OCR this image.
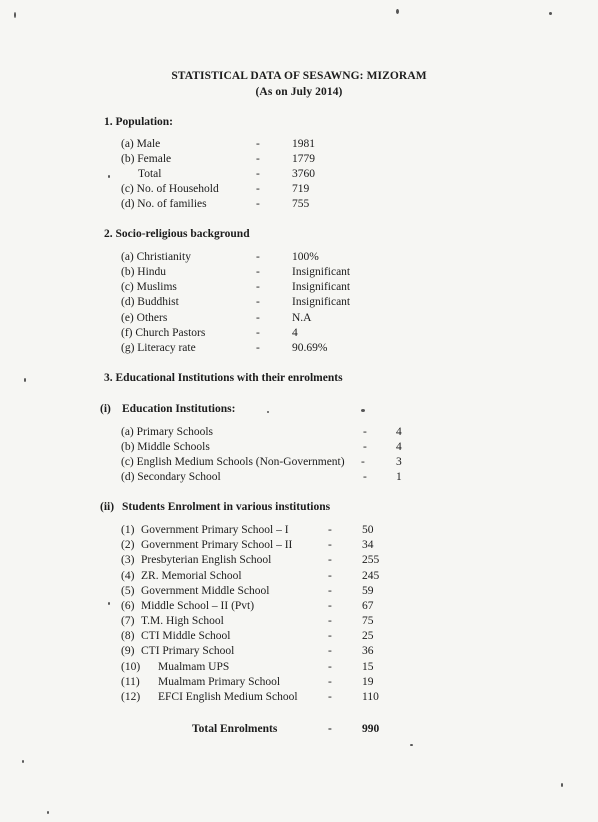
STATISTICAL DATA OF SESAWNG: MIZORAM
(As on July 2014)
1. Population:
(a) Male	-	1981
(b) Female	-	1779
Total	-	3760
(c) No. of Household	-	719
(d) No. of families	-	755
2. Socio-religious background
(a) Christianity	-	100%
(b) Hindu	-	Insignificant
(c) Muslims	-	Insignificant
(d) Buddhist	-	Insignificant
(e) Others	-	N.A
(f) Church Pastors	-	4
(g) Literacy rate	-	90.69%
3. Educational Institutions with their enrolments
(i) Education Institutions:
(a) Primary Schools	-	4
(b) Middle Schools	-	4
(c) English Medium Schools (Non-Government) -	3
(d) Secondary School	-	1
(ii) Students Enrolment in various institutions
(1) Government Primary School – I	-	50
(2) Government Primary School – II	-	34
(3) Presbyterian English School	-	255
(4) ZR. Memorial School	-	245
(5) Government Middle School	-	59
(6) Middle School – II (Pvt)	-	67
(7) T.M. High School	-	75
(8) CTI Middle School	-	25
(9) CTI Primary School	-	36
(10) Mualmam UPS	-	15
(11) Mualmam Primary School	-	19
(12) EFCI English Medium School	-	110
Total Enrolments	-	990
